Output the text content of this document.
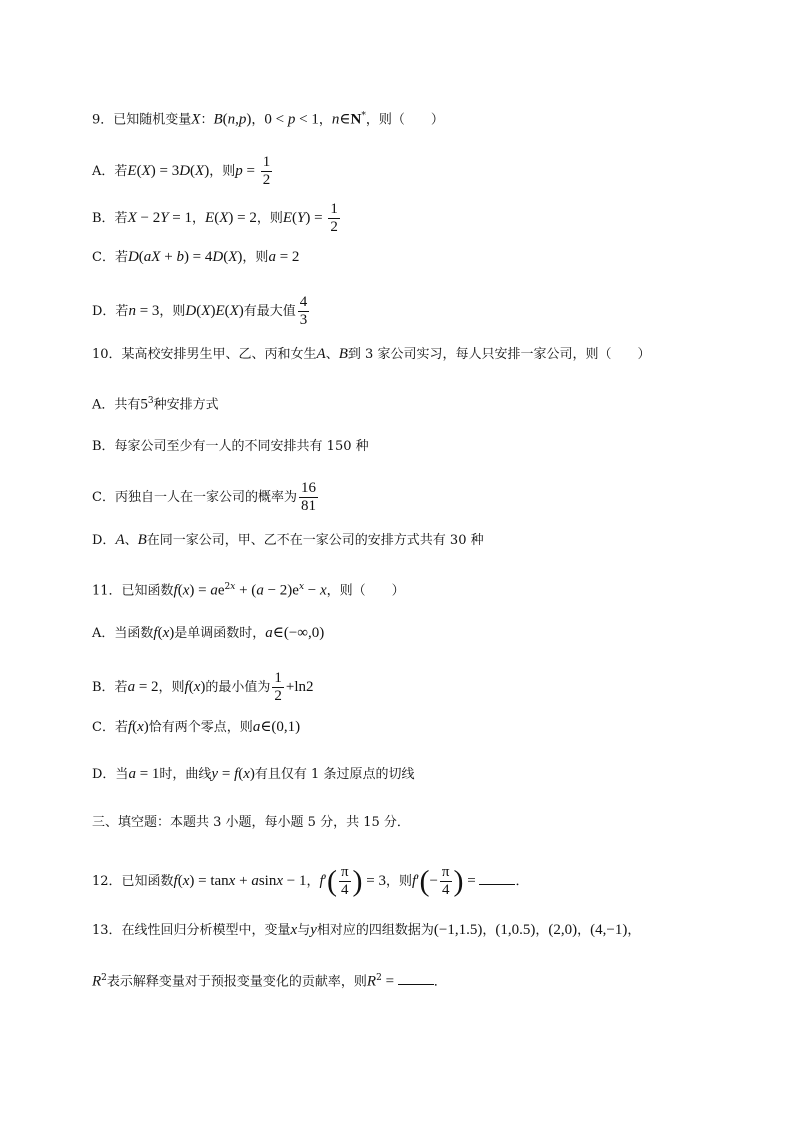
9．已知随机变量X：B(n,p)，0 < p < 1，n∈N*，则（　　）
A．若E(X) = 3D(X)，则$p = \frac{1}{2}$
B．若X − 2Y = 1，E(X) = 2，则$E(Y) = \frac{1}{2}$
C．若D(aX + b) = 4D(X)，则a = 2
D．若n = 3，则D(X)E(X)有最大值 $\frac{4}{3}$
10．某高校安排男生甲、乙、丙和女生A、B到 3 家公司实习，每人只安排一家公司，则（　　）
A．共有$5^3$种安排方式
B．每家公司至少有一人的不同安排共有 150 种
C．丙独自一人在一家公司的概率为 $\frac{16}{81}$
D．A、B在同一家公司，甲、乙不在一家公司的安排方式共有 30 种
11．已知函数$f(x) = ae^{2x} + (a - 2)e^x - x$，则（　　）
A．当函数f(x)是单调函数时，a∈(−∞,0)
B．若a = 2，则f(x)的最小值为 $\frac{1}{2} +\ln 2$
C．若f(x)恰有两个零点，则a∈(0,1)
D．当a = 1时，曲线y = f(x)有且仅有 1 条过原点的切线
三、填空题：本题共 3 小题，每小题 5 分，共 15 分．
12．已知函数f(x) = tanx + asinx − 1，$f'( \frac{\pi}{4}$ ) = 3，则$f'(- \frac{\pi}{4}$ ) =	．
13．在线性回归分析模型中，变量x与y相对应的四组数据为(−1,1.5)，(1,0.5)，(2,0)，(4,−1)，
$R^2$表示解释变量对于预报变量变化的贡献率，则$R^2$ =	．
